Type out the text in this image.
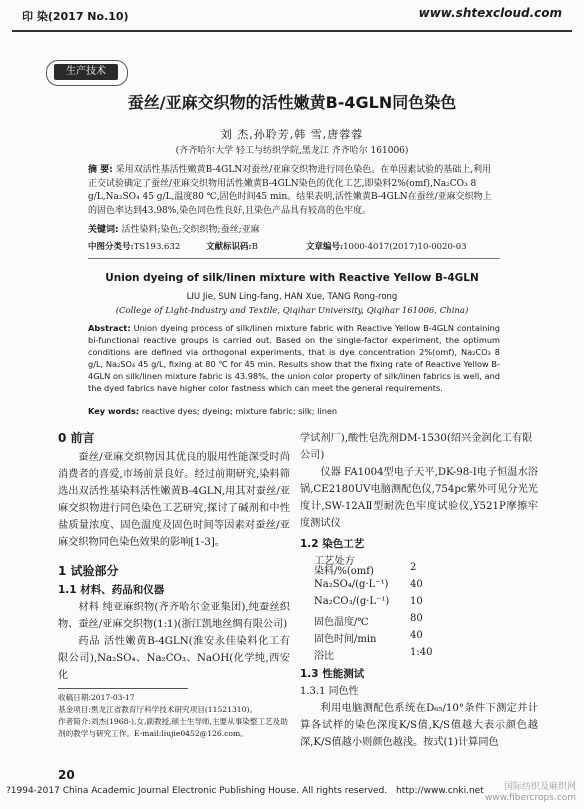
印 染(2017 No.10)	www.shtexcloud.com
生产技术
蚕丝/亚麻交织物的活性嫩黄B-4GLN同色染色
刘 杰,孙聆芳,韩 雪,唐蓉蓉
(齐齐哈尔大学 轻工与纺织学院,黑龙江 齐齐哈尔 161006)
摘 要: 采用双活性基活性嫩黄B-4GLN对蚕丝/亚麻交织物进行同色染色。在单因素试验的基础上,利用正交试验确定了蚕丝/亚麻交织物用活性嫩黄B-4GLN染色的优化工艺,即染料2%(omf),Na₂CO₃ 8 g/L,Na₂SO₄ 45 g/L,温度80 ℃,固色时间45 min。结果表明,活性嫩黄B-4GLN在蚕丝/亚麻交织物上的固色率达到43.98%,染色同色性良好,且染色产品具有较高的色牢度。
关键词: 活性染料;染色;交织织物;蚕丝;亚麻
中图分类号:TS193.632	文献标识码:B	文章编号:1000-4017(2017)10-0020-03
Union dyeing of silk/linen mixture with Reactive Yellow B-4GLN
LIU Jie, SUN Ling-fang, HAN Xue, TANG Rong-rong
(College of Light-Industry and Textile, Qiqihar University, Qiqihar 161006, China)
Abstract: Union dyeing process of silk/linen mixture fabric with Reactive Yellow B-4GLN containing bi-functional reactive groups is carried out. Based on the single-factor experiment, the optimum conditions are defined via orthogonal experiments, that is dye concentration 2%(omf), Na₂CO₃ 8 g/L, Na₂SO₄ 45 g/L, fixing at 80 ℃ for 45 min. Results show that the fixing rate of Reactive Yellow B-4GLN on silk/linen mixture fabric is 43.98%, the union color property of silk/linen fabrics is well, and the dyed fabrics have higher color fastness which can meet the general requirements.
Key words: reactive dyes; dyeing; mixture fabric; silk; linen
0 前言

蚕丝/亚麻交织物因其优良的服用性能深受时尚消费者的喜爱,市场前景良好。经过前期研究,染料筛选出双活性基染料活性嫩黄B-4GLN,用其对蚕丝/亚麻交织物进行同色染色工艺研究,探讨了碱剂和中性盐质量浓度、固色温度及固色时间等因素对蚕丝/亚麻交织物同色染色效果的影响[1-3]。

1 试验部分
1.1 材料、药品和仪器

材料 纯亚麻织物(齐齐哈尔金亚集团),纯蚕丝织物、蚕丝/亚麻交织物(1:1)(浙江凯地丝绸有限公司)

药品 活性嫩黄B-4GLN(淮安永佳染料化工有限公司),Na₂SO₄、Na₂CO₃、NaOH(化学纯,西安化

学试剂厂),酸性皂洗剂DM-1530(绍兴金润化工有限公司)

仪器 FA1004型电子天平,DK-98-Ⅰ电子恒温水浴锅,CE2180UV电脑测配色仪,754pc紫外可见分光光度计,SW-12AⅡ型耐洗色牢度试验仪,Y521P摩擦牢度测试仪

1.2 染色工艺
工艺处方
染料/%(omf)	2
Na₂SO₄/(g·L⁻¹) 40
Na₂CO₃/(g·L⁻¹) 10
固色温度/℃	80
固色时间/min	40
浴比	1:40
1.3 性能测试
1.3.1 同色性

利用电脑测配色系统在D₆₅/10°条件下测定并计算各试样的染色深度K/S值,K/S值越大表示颜色越深,K/S值越小则颜色越浅。按式(1)计算同色

收稿日期:2017-03-17
基金项目:黑龙江省教育厅科学技术研究项目(11521310)。
作者简介:刘杰(1968-),女,副教授,硕士生导师,主要从事染整工艺及助剂的教学与研究工作。E-mail:liujie0452@126.com。
20
?1994-2017 China Academic Journal Electronic Publishing House. All rights reserved. http://www.cnki.net	国际纺织及麻织网
www.fibercrops.com
